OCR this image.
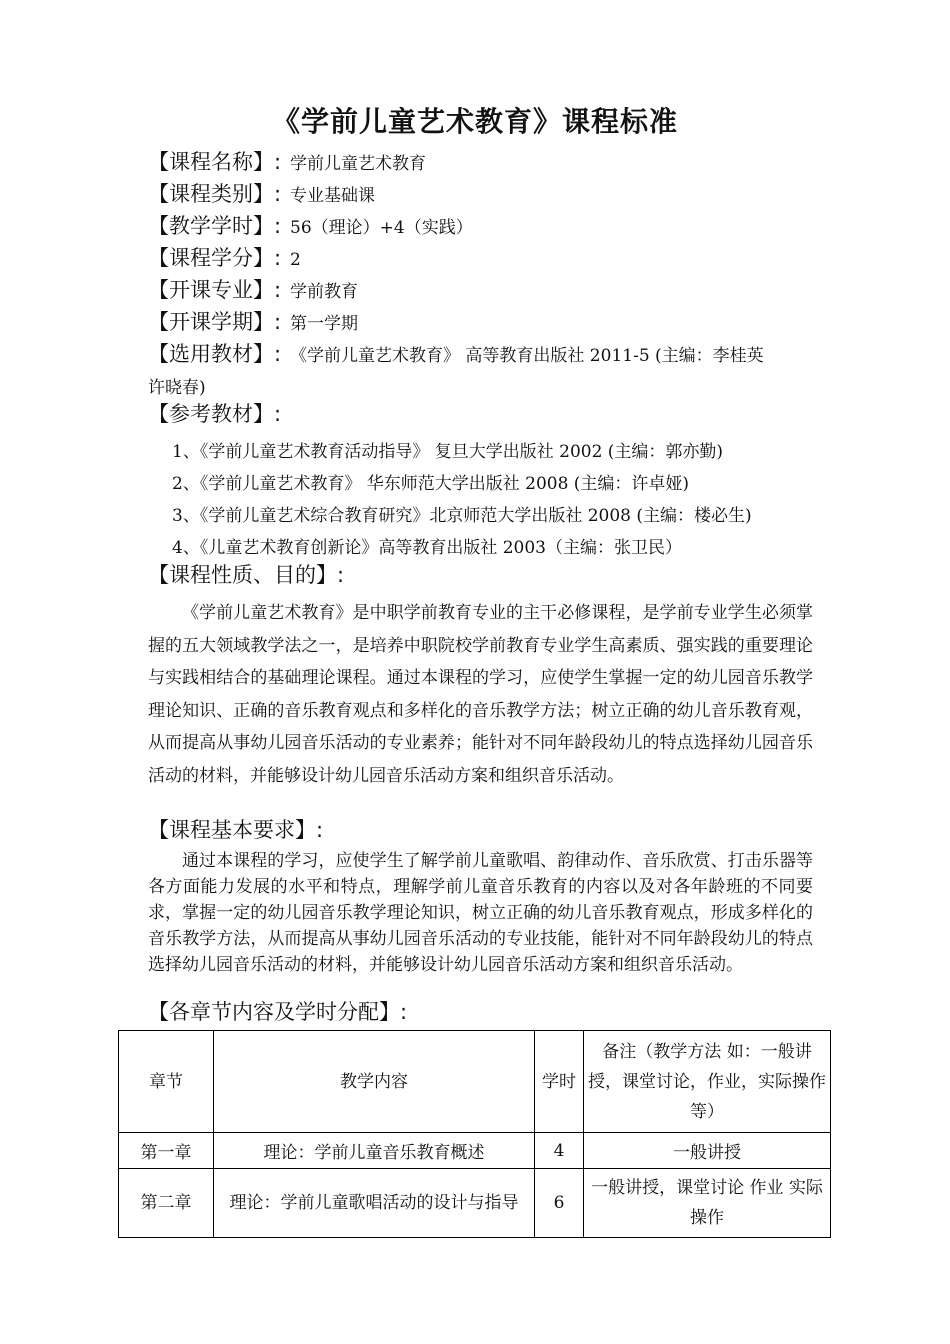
《学前儿童艺术教育》课程标准
【课程名称】: 学前儿童艺术教育
【课程类别】: 专业基础课
【教学学时】: 56（理论）+4（实践）
【课程学分】: 2
【开课专业】: 学前教育
【开课学期】: 第一学期
【选用教材】: 《学前儿童艺术教育》 高等教育出版社 2011-5 (主编：李桂英
许晓春)
【参考教材】:
1、《学前儿童艺术教育活动指导》 复旦大学出版社 2002 (主编：郭亦勤)
2、《学前儿童艺术教育》 华东师范大学出版社 2008 (主编：许卓娅)
3、《学前儿童艺术综合教育研究》北京师范大学出版社 2008 (主编：楼必生)
4、《儿童艺术教育创新论》高等教育出版社 2003（主编：张卫民）
【课程性质、目的】:
《学前儿童艺术教育》是中职学前教育专业的主干必修课程，是学前专业学生必须掌握的五大领域教学法之一，是培养中职院校学前教育专业学生高素质、强实践的重要理论与实践相结合的基础理论课程。通过本课程的学习，应使学生掌握一定的幼儿园音乐教学理论知识、正确的音乐教育观点和多样化的音乐教学方法；树立正确的幼儿音乐教育观，从而提高从事幼儿园音乐活动的专业素养；能针对不同年龄段幼儿的特点选择幼儿园音乐活动的材料，并能够设计幼儿园音乐活动方案和组织音乐活动。
【课程基本要求】:
通过本课程的学习，应使学生了解学前儿童歌唱、韵律动作、音乐欣赏、打击乐器等各方面能力发展的水平和特点，理解学前儿童音乐教育的内容以及对各年龄班的不同要求，掌握一定的幼儿园音乐教学理论知识，树立正确的幼儿音乐教育观点，形成多样化的音乐教学方法，从而提高从事幼儿园音乐活动的专业技能，能针对不同年龄段幼儿的特点选择幼儿园音乐活动的材料，并能够设计幼儿园音乐活动方案和组织音乐活动。
【各章节内容及学时分配】:
章节	教学内容	学时	备注（教学方法 如：一般讲授，课堂讨论，作业，实际操作等）
第一章	理论：学前儿童音乐教育概述	4	一般讲授
第二章	理论：学前儿童歌唱活动的设计与指导	6	一般讲授，课堂讨论 作业 实际操作
